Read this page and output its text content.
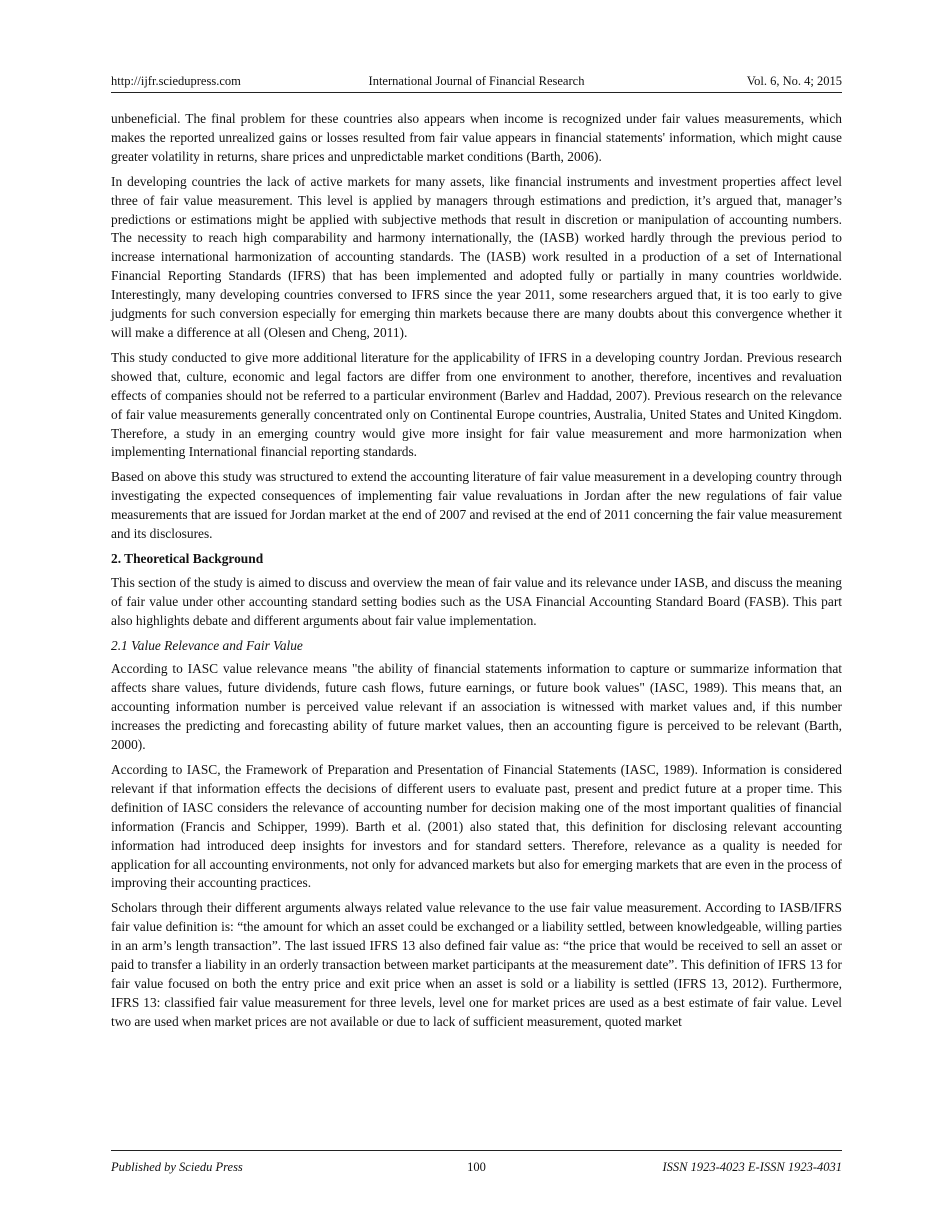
http://ijfr.sciedupress.com	International Journal of Financial Research	Vol. 6, No. 4; 2015

unbeneficial. The final problem for these countries also appears when income is recognized under fair values measurements, which makes the reported unrealized gains or losses resulted from fair value appears in financial statements' information, which might cause greater volatility in returns, share prices and unpredictable market conditions (Barth, 2006).

In developing countries the lack of active markets for many assets, like financial instruments and investment properties affect level three of fair value measurement. This level is applied by managers through estimations and prediction, it’s argued that, manager’s predictions or estimations might be applied with subjective methods that result in discretion or manipulation of accounting numbers. The necessity to reach high comparability and harmony internationally, the (IASB) worked hardly through the previous period to increase international harmonization of accounting standards. The (IASB) work resulted in a production of a set of International Financial Reporting Standards (IFRS) that has been implemented and adopted fully or partially in many countries worldwide. Interestingly, many developing countries conversed to IFRS since the year 2011, some researchers argued that, it is too early to give judgments for such conversion especially for emerging thin markets because there are many doubts about this convergence whether it will make a difference at all (Olesen and Cheng, 2011).

This study conducted to give more additional literature for the applicability of IFRS in a developing country Jordan. Previous research showed that, culture, economic and legal factors are differ from one environment to another, therefore, incentives and revaluation effects of companies should not be referred to a particular environment (Barlev and Haddad, 2007). Previous research on the relevance of fair value measurements generally concentrated only on Continental Europe countries, Australia, United States and United Kingdom. Therefore, a study in an emerging country would give more insight for fair value measurement and more harmonization when implementing International financial reporting standards.

Based on above this study was structured to extend the accounting literature of fair value measurement in a developing country through investigating the expected consequences of implementing fair value revaluations in Jordan after the new regulations of fair value measurements that are issued for Jordan market at the end of 2007 and revised at the end of 2011 concerning the fair value measurement and its disclosures.

2. Theoretical Background

This section of the study is aimed to discuss and overview the mean of fair value and its relevance under IASB, and discuss the meaning of fair value under other accounting standard setting bodies such as the USA Financial Accounting Standard Board (FASB). This part also highlights debate and different arguments about fair value implementation.

2.1 Value Relevance and Fair Value

According to IASC value relevance means "the ability of financial statements information to capture or summarize information that affects share values, future dividends, future cash flows, future earnings, or future book values" (IASC, 1989). This means that, an accounting information number is perceived value relevant if an association is witnessed with market values and, if this number increases the predicting and forecasting ability of future market values, then an accounting figure is perceived to be relevant (Barth, 2000).

According to IASC, the Framework of Preparation and Presentation of Financial Statements (IASC, 1989). Information is considered relevant if that information effects the decisions of different users to evaluate past, present and predict future at a proper time. This definition of IASC considers the relevance of accounting number for decision making one of the most important qualities of financial information (Francis and Schipper, 1999). Barth et al. (2001) also stated that, this definition for disclosing relevant accounting information had introduced deep insights for investors and for standard setters. Therefore, relevance as a quality is needed for application for all accounting environments, not only for advanced markets but also for emerging markets that are even in the process of improving their accounting practices.

Scholars through their different arguments always related value relevance to the use fair value measurement. According to IASB/IFRS fair value definition is: “the amount for which an asset could be exchanged or a liability settled, between knowledgeable, willing parties in an arm’s length transaction”. The last issued IFRS 13 also defined fair value as: “the price that would be received to sell an asset or paid to transfer a liability in an orderly transaction between market participants at the measurement date”. This definition of IFRS 13 for fair value focused on both the entry price and exit price when an asset is sold or a liability is settled (IFRS 13, 2012). Furthermore, IFRS 13: classified fair value measurement for three levels, level one for market prices are used as a best estimate of fair value. Level two are used when market prices are not available or due to lack of sufficient measurement, quoted market

Published by Sciedu Press	100	ISSN 1923-4023 E-ISSN 1923-4031
